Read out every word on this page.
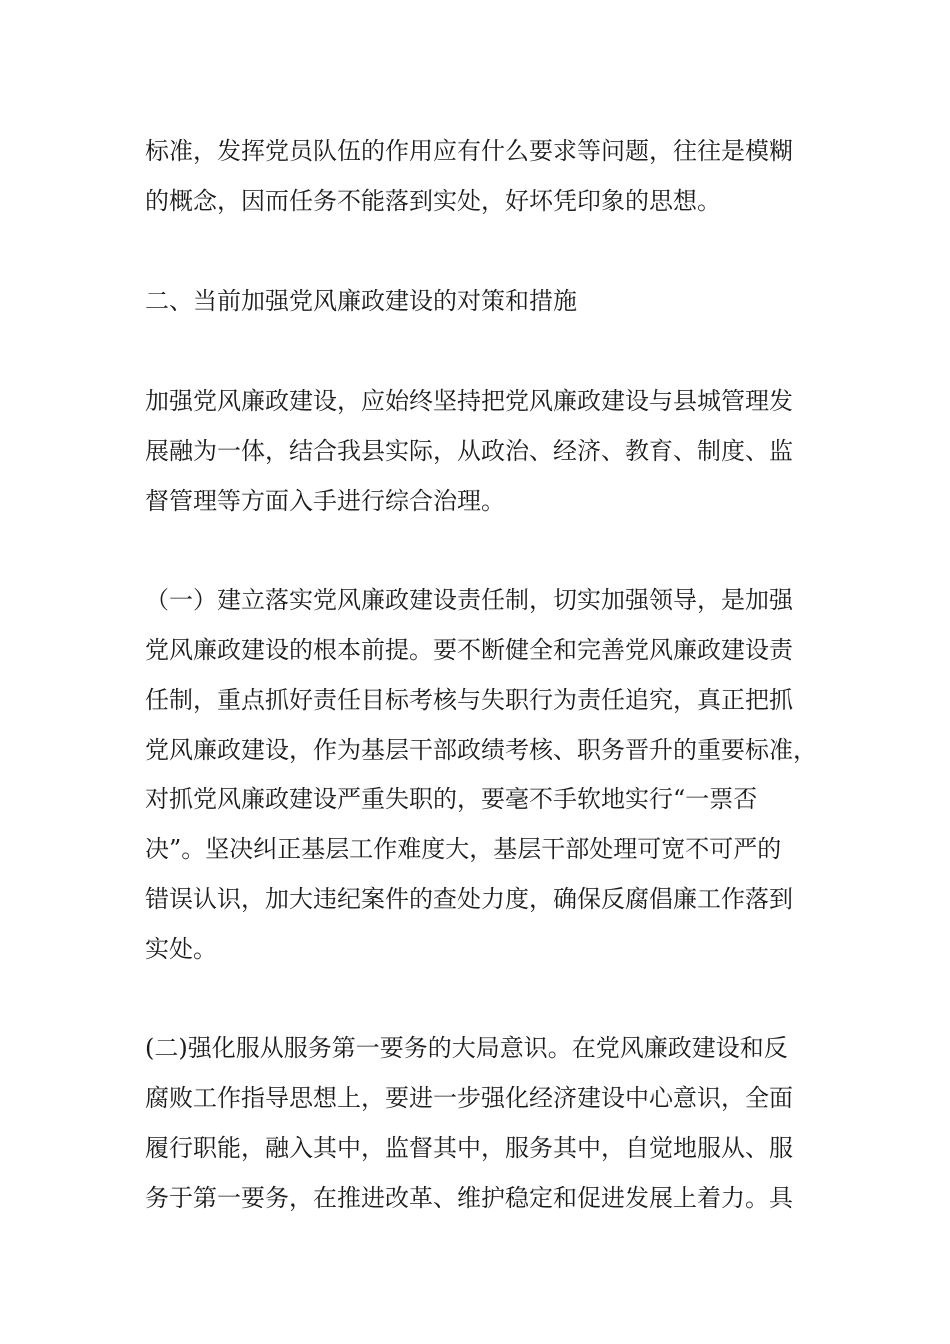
标准，发挥党员队伍的作用应有什么要求等问题，往往是模糊

的概念，因而任务不能落到实处，好坏凭印象的思想。

二、当前加强党风廉政建设的对策和措施

加强党风廉政建设，应始终坚持把党风廉政建设与县城管理发

展融为一体，结合我县实际，从政治、经济、教育、制度、监

督管理等方面入手进行综合治理。

（一）建立落实党风廉政建设责任制，切实加强领导，是加强

党风廉政建设的根本前提。要不断健全和完善党风廉政建设责

任制，重点抓好责任目标考核与失职行为责任追究，真正把抓

党风廉政建设，作为基层干部政绩考核、职务晋升的重要标准，

对抓党风廉政建设严重失职的，要毫不手软地实行“一票否

决”。坚决纠正基层工作难度大，基层干部处理可宽不可严的

错误认识，加大违纪案件的查处力度，确保反腐倡廉工作落到

实处。

(二)强化服从服务第一要务的大局意识。在党风廉政建设和反

腐败工作指导思想上，要进一步强化经济建设中心意识，全面

履行职能，融入其中，监督其中，服务其中，自觉地服从、服

务于第一要务，在推进改革、维护稳定和促进发展上着力。具
